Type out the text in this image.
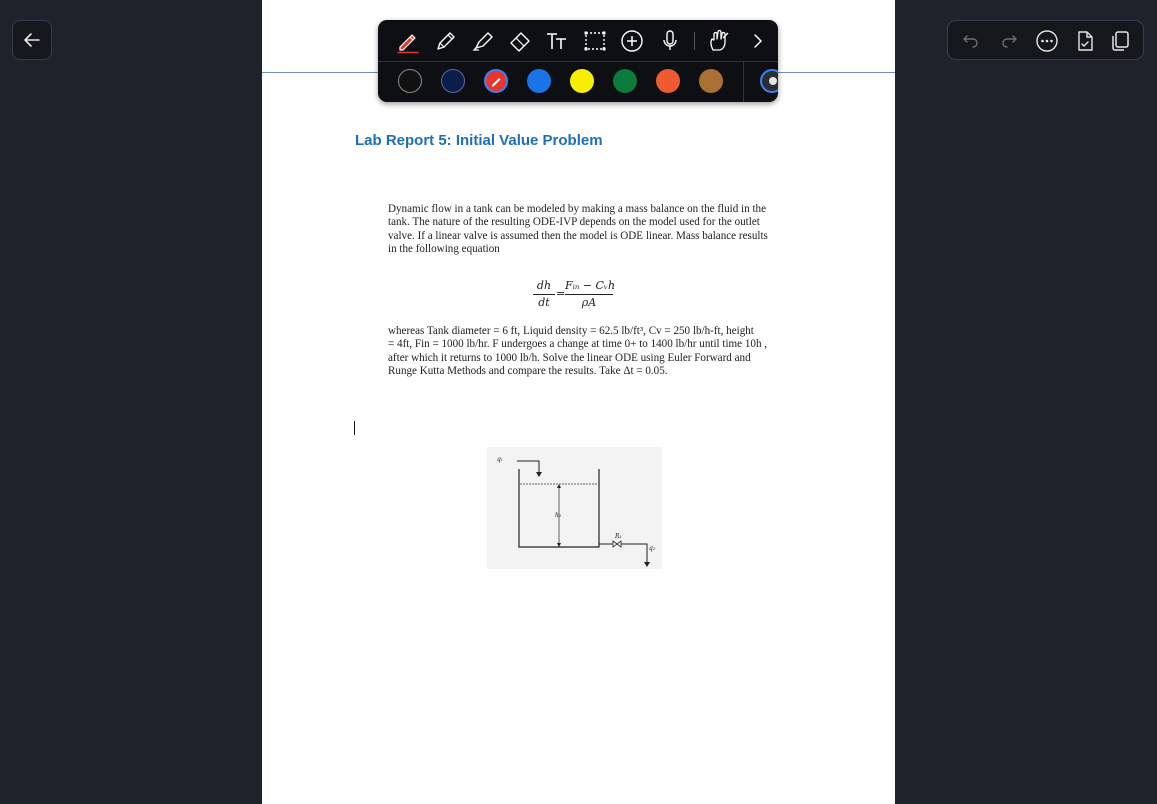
Lab Report 5: Initial Value Problem

Dynamic flow in a tank can be modeled by making a mass balance on the fluid in the
tank. The nature of the resulting ODE-IVP depends on the model used for the outlet
valve. If a linear valve is assumed then the model is ODE linear. Mass balance results
in the following equation

$\frac{dh}{dt}$ =
Fᵢₙ − Cᵥh
ρA

whereas Tank diameter = 6 ft, Liquid density = 62.5 lb/ft³, Cv = 250 lb/h-ft, height
= 4ft, Fin = 1000 lb/hr. F undergoes a change at time 0+ to 1400 lb/hr until time 10h ,
after which it returns to 1000 lb/h. Solve the linear ODE using Euler Forward and
Runge Kutta Methods and compare the results. Take Δt = 0.05.

qᵢ
h₁
R₁
q₁
